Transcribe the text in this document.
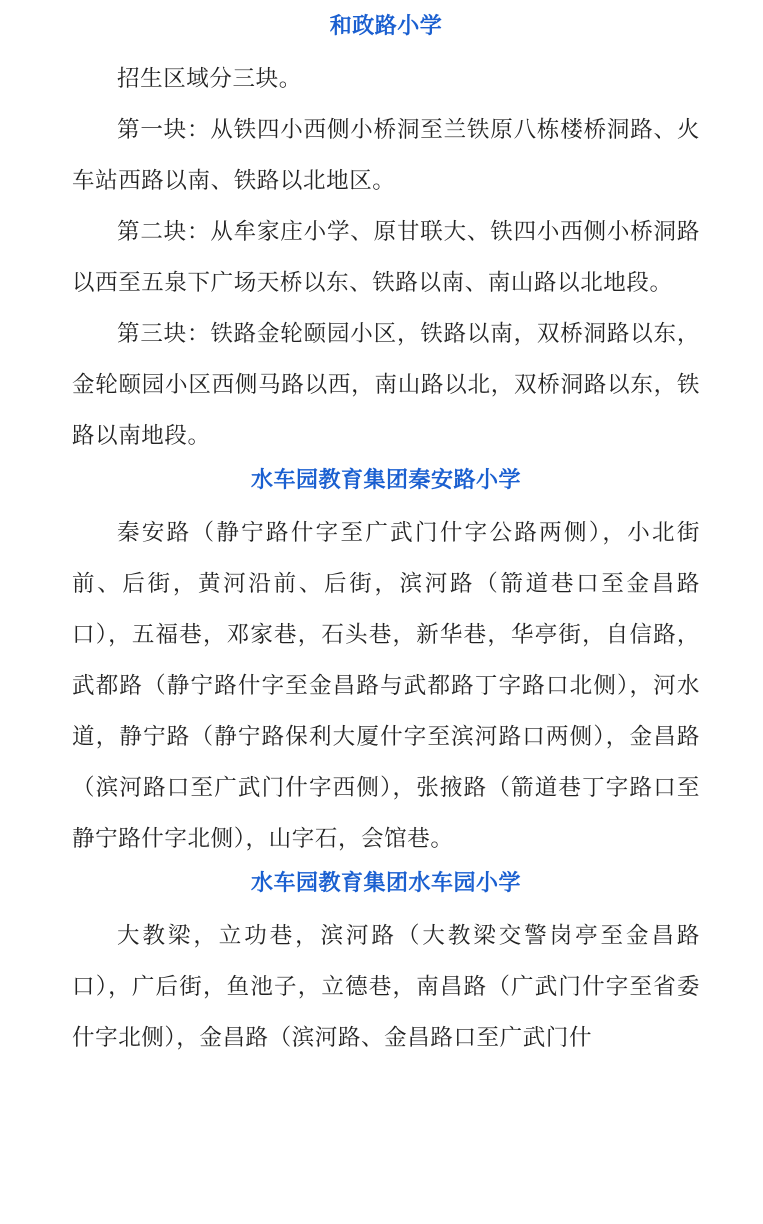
和政路小学

招生区域分三块。

第一块：从铁四小西侧小桥洞至兰铁原八栋楼桥洞路、火车站西路以南、铁路以北地区。

第二块：从牟家庄小学、原甘联大、铁四小西侧小桥洞路以西至五泉下广场天桥以东、铁路以南、南山路以北地段。

第三块：铁路金轮颐园小区，铁路以南，双桥洞路以东，金轮颐园小区西侧马路以西，南山路以北，双桥洞路以东，铁路以南地段。

水车园教育集团秦安路小学

秦安路（静宁路什字至广武门什字公路两侧），小北街前、后街，黄河沿前、后街，滨河路（箭道巷口至金昌路口），五福巷，邓家巷，石头巷，新华巷，华亭街，自信路，武都路（静宁路什字至金昌路与武都路丁字路口北侧），河水道，静宁路（静宁路保利大厦什字至滨河路口两侧），金昌路（滨河路口至广武门什字西侧），张掖路（箭道巷丁字路口至静宁路什字北侧），山字石，会馆巷。

水车园教育集团水车园小学

大教梁，立功巷，滨河路（大教梁交警岗亭至金昌路口），广后街，鱼池子，立德巷，南昌路（广武门什字至省委什字北侧），金昌路（滨河路、金昌路口至广武门什
